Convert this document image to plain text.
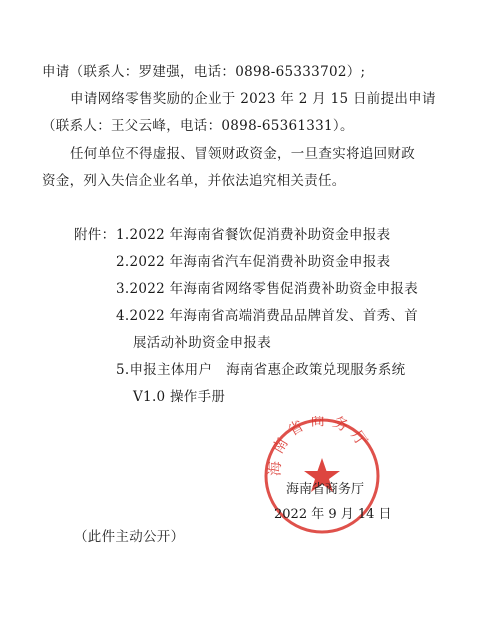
申请（联系人：罗建强，电话：0898-65333702）;
申请网络零售奖励的企业于 2023 年 2 月 15 日前提出申请
（联系人：王父云峰，电话：0898-65361331）。
任何单位不得虚报、冒领财政资金，一旦查实将追回财政
资金，列入失信企业名单，并依法追究相关责任。
附件： 1.2022 年海南省餐饮促消费补助资金申报表
2.2022 年海南省汽车促消费补助资金申报表
3.2022 年海南省网络零售促消费补助资金申报表
4.2022 年海南省高端消费品品牌首发、首秀、首
展活动补助资金申报表
5.申报主体用户　海南省惠企政策兑现服务系统
V1.0 操作手册
海南省商务厅
海南省商务厅
2022 年 9 月 14 日
（此件主动公开）
